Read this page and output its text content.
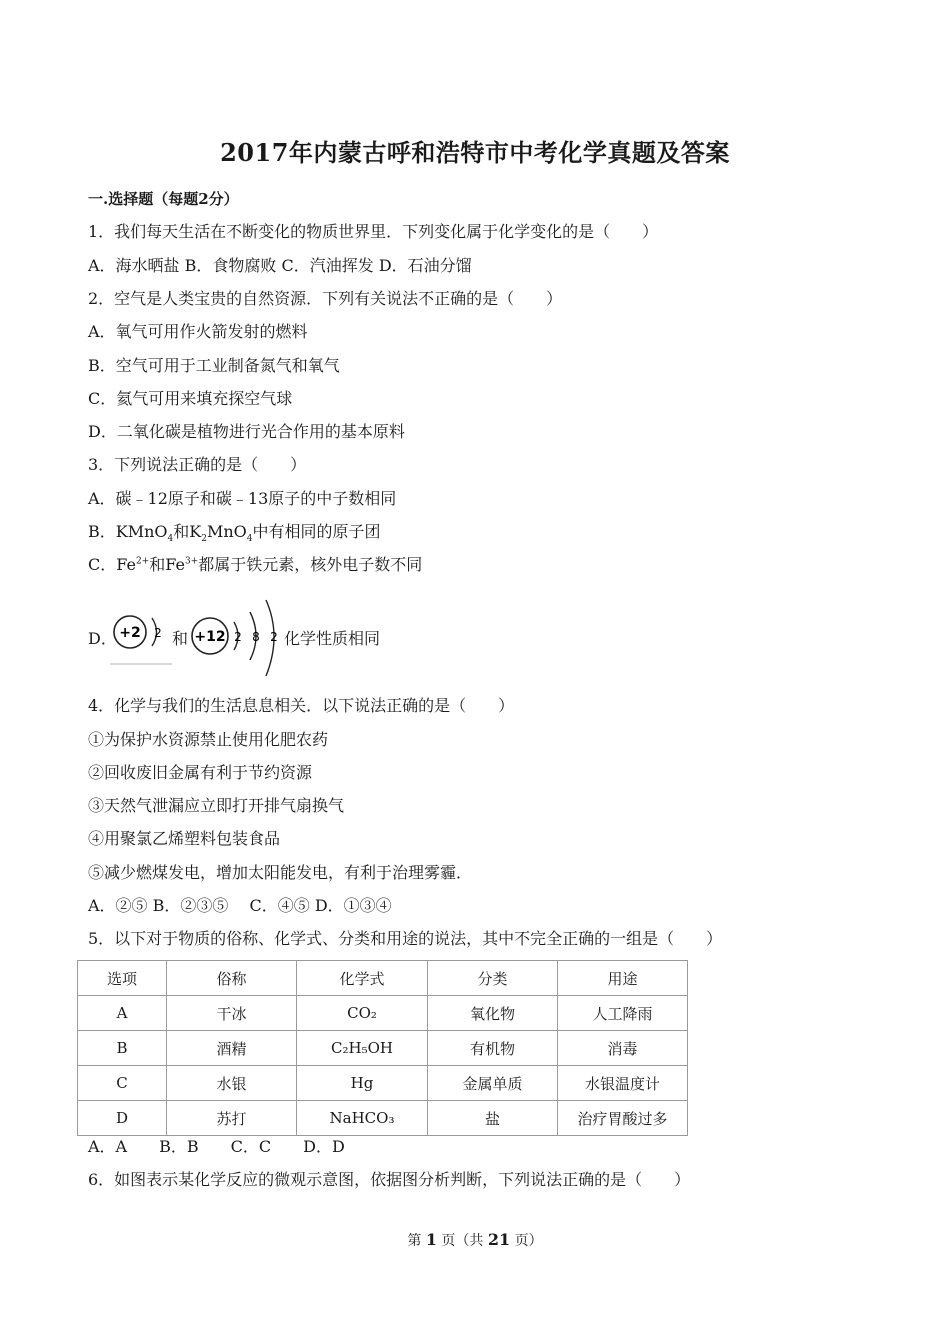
2017年内蒙古呼和浩特市中考化学真题及答案
一.选择题（每题2分）
1．我们每天生活在不断变化的物质世界里．下列变化属于化学变化的是（　　）
A．海水晒盐 B．食物腐败 C．汽油挥发 D．石油分馏
2．空气是人类宝贵的自然资源．下列有关说法不正确的是（　　）
A．氧气可用作火箭发射的燃料
B．空气可用于工业制备氮气和氧气
C．氦气可用来填充探空气球
D．二氧化碳是植物进行光合作用的基本原料
3．下列说法正确的是（　　）
A．碳﹣12原子和碳﹣13原子的中子数相同
B．KMnO$_4$和$K_2MnO_4$中有相同的原子团
C．$Fe^{2+}$和$Fe^{3+}$都属于铁元素，核外电子数不同
D． +2 2 和 +12 2 8 2 化学性质相同
4．化学与我们的生活息息相关．以下说法正确的是（　　）
①为保护水资源禁止使用化肥农药
②回收废旧金属有利于节约资源
③天然气泄漏应立即打开排气扇换气
④用聚氯乙烯塑料包装食品
⑤减少燃煤发电，增加太阳能发电，有利于治理雾霾．
A．②⑤ B．②③⑤　 C．④⑤ D．①③④
5．以下对于物质的俗称、化学式、分类和用途的说法，其中不完全正确的一组是（　　）
选项	俗称	化学式	分类	用途
A	干冰	CO₂	氧化物	人工降雨
B	酒精	C₂H₅OH	有机物	消毒
C	水银	Hg	金属单质	水银温度计
D	苏打	NaHCO₃	盐	治疗胃酸过多
A．A　　B．B　　C．C　　D．D
6．如图表示某化学反应的微观示意图，依据图分析判断，下列说法正确的是（　　）
第 1 页（共 21 页）
